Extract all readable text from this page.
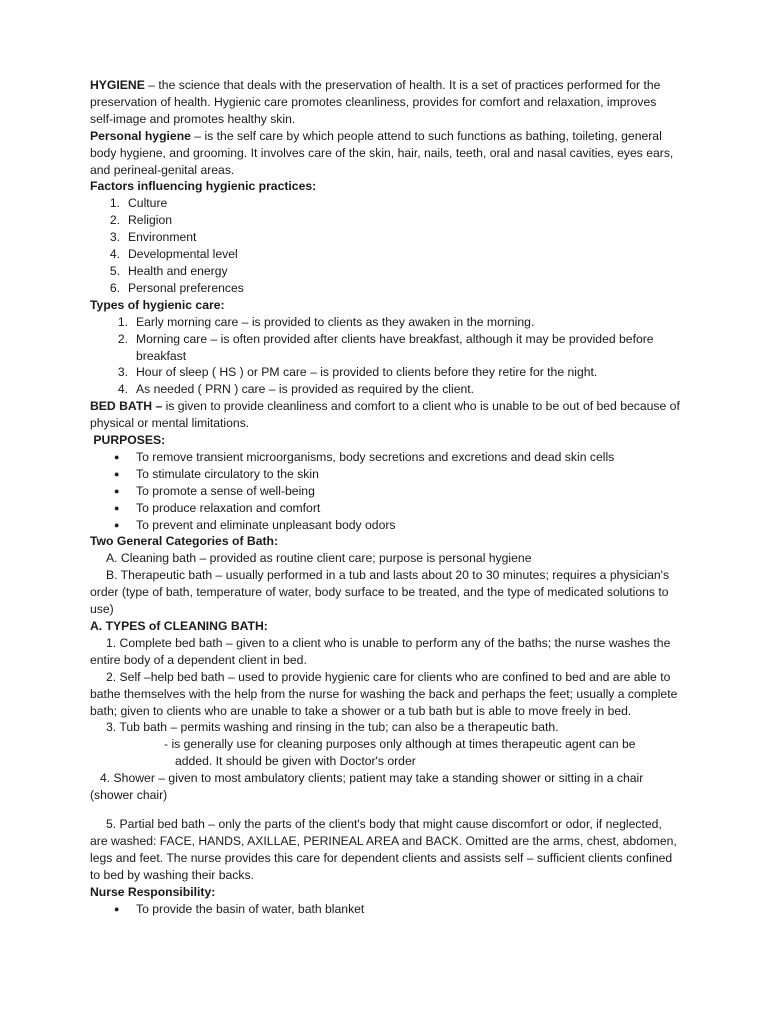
HYGIENE – the science that deals with the preservation of health. It is a set of practices performed for the preservation of health. Hygienic care promotes cleanliness, provides for comfort and relaxation, improves self-image and promotes healthy skin.

Personal hygiene – is the self care by which people attend to such functions as bathing, toileting, general body hygiene, and grooming. It involves care of the skin, hair, nails, teeth, oral and nasal cavities, eyes ears, and perineal-genital areas.

Factors influencing hygienic practices:

1. Culture
2. Religion
3. Environment
4. Developmental level
5. Health and energy
6. Personal preferences

Types of hygienic care:

1. Early morning care – is provided to clients as they awaken in the morning.
2. Morning care – is often provided after clients have breakfast, although it may be provided before breakfast
3. Hour of sleep ( HS ) or PM care – is provided to clients before they retire for the night.
4. As needed ( PRN ) care – is provided as required by the client.

BED BATH – is given to provide cleanliness and comfort to a client who is unable to be out of bed because of physical or mental limitations.

PURPOSES:

●	To remove transient microorganisms, body secretions and excretions and dead skin cells
●	To stimulate circulatory to the skin
●	To promote a sense of well-being
●	To produce relaxation and comfort
●	To prevent and eliminate unpleasant body odors

Two General Categories of Bath:

A. Cleaning bath – provided as routine client care; purpose is personal hygiene

B. Therapeutic bath – usually performed in a tub and lasts about 20 to 30 minutes; requires a physician's order (type of bath, temperature of water, body surface to be treated, and the type of medicated solutions to use)

A. TYPES of CLEANING BATH:

1. Complete bed bath – given to a client who is unable to perform any of the baths; the nurse washes the entire body of a dependent client in bed.

2. Self –help bed bath – used to provide hygienic care for clients who are confined to bed and are able to bathe themselves with the help from the nurse for washing the back and perhaps the feet; usually a complete bath; given to clients who are unable to take a shower or a tub bath but is able to move freely in bed.

3. Tub bath – permits washing and rinsing in the tub; can also be a therapeutic bath.

- is generally use for cleaning purposes only although at times therapeutic agent can be

added. It should be given with Doctor's order

4. Shower – given to most ambulatory clients; patient may take a standing shower or sitting in a chair (shower chair)

5. Partial bed bath – only the parts of the client's body that might cause discomfort or odor, if neglected, are washed: FACE, HANDS, AXILLAE, PERINEAL AREA and BACK. Omitted are the arms, chest, abdomen, legs and feet. The nurse provides this care for dependent clients and assists self – sufficient clients confined to bed by washing their backs.

Nurse Responsibility:

●	To provide the basin of water, bath blanket
